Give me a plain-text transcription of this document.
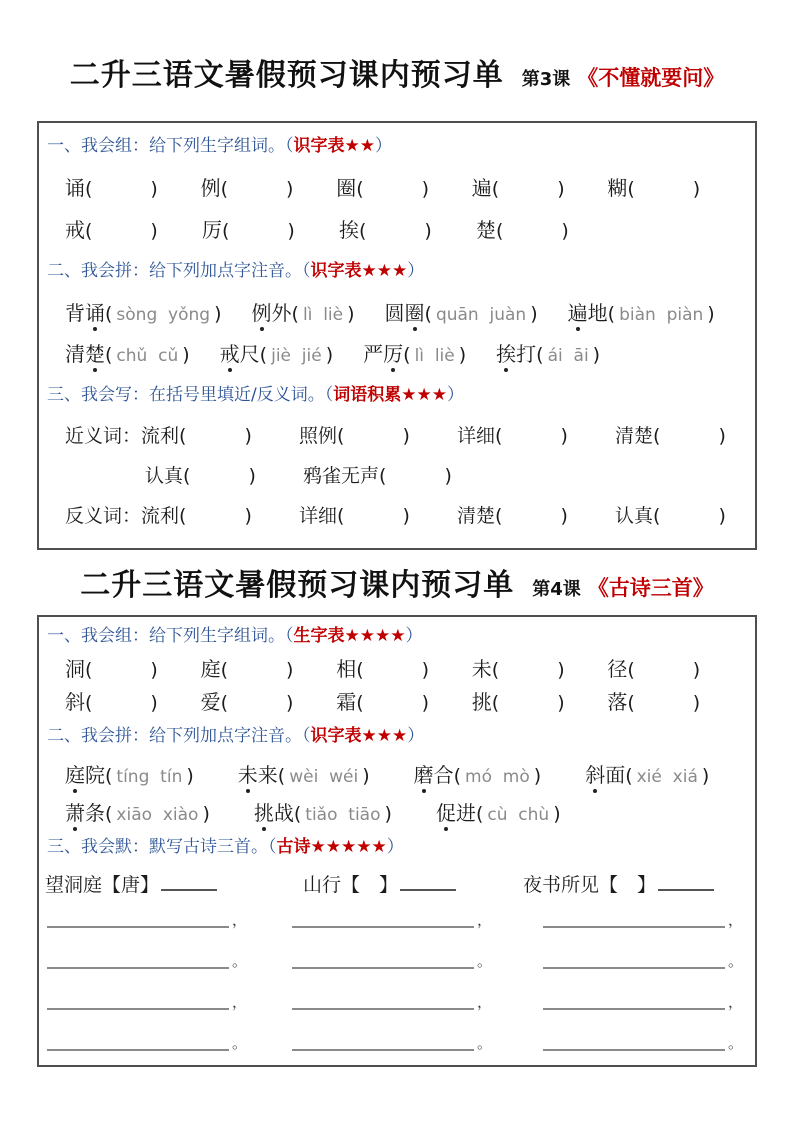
二升三语文暑假预习课内预习单 第3课 《不懂就要问》
一、我会组：给下列生字组词。（识字表★★）
诵 (	) 例 (	) 圈 (	) 遍 (	) 糊 (	)
戒 (	) 厉 (	) 挨 (	) 楚 (	)
二、我会拼：给下列加点字注音。（识字表★★★）
背 诵 ( sòng  yǒng ) 例 外 ( lì  liè ) 圆 圈 ( quān  juàn ) 遍 地 ( biàn  piàn )
清 楚 ( chǔ  cǔ ) 戒 尺 ( jiè  jié ) 严 厉 ( lì  liè ) 挨 打 ( ái  āi )
三、我会写：在括号里填近/反义词。（词语积累★★★）
近义词： 流利 (	) 照例 (	) 详细 (	) 清楚 (	)
认真 (	) 鸦雀无声 (	)
反义词： 流利 (	) 详细 (	) 清楚 (	) 认真 (	)
二升三语文暑假预习课内预习单 第4课 《古诗三首》
一、我会组：给下列生字组词。（生字表★★★★）
洞 (	) 庭 (	) 相 (	) 未 (	) 径 (	)
斜 (	) 爱 (	) 霜 (	) 挑 (	) 落 (	)
二、我会拼：给下列加点字注音。（识字表★★★）
庭 院 ( tíng  tín ) 未 来 ( wèi  wéi ) 磨 合 ( mó  mò ) 斜 面 ( xié  xiá )
萧 条 ( xiāo  xiào ) 挑 战 ( tiǎo  tiāo ) 促 进 ( cù  chù )
三、我会默：默写古诗三首。（古诗★★★★★）
望洞庭 【唐】	山行 【　】	夜书所见 【　】
，	，	，
。	。	。
，	，	，
。	。	。
